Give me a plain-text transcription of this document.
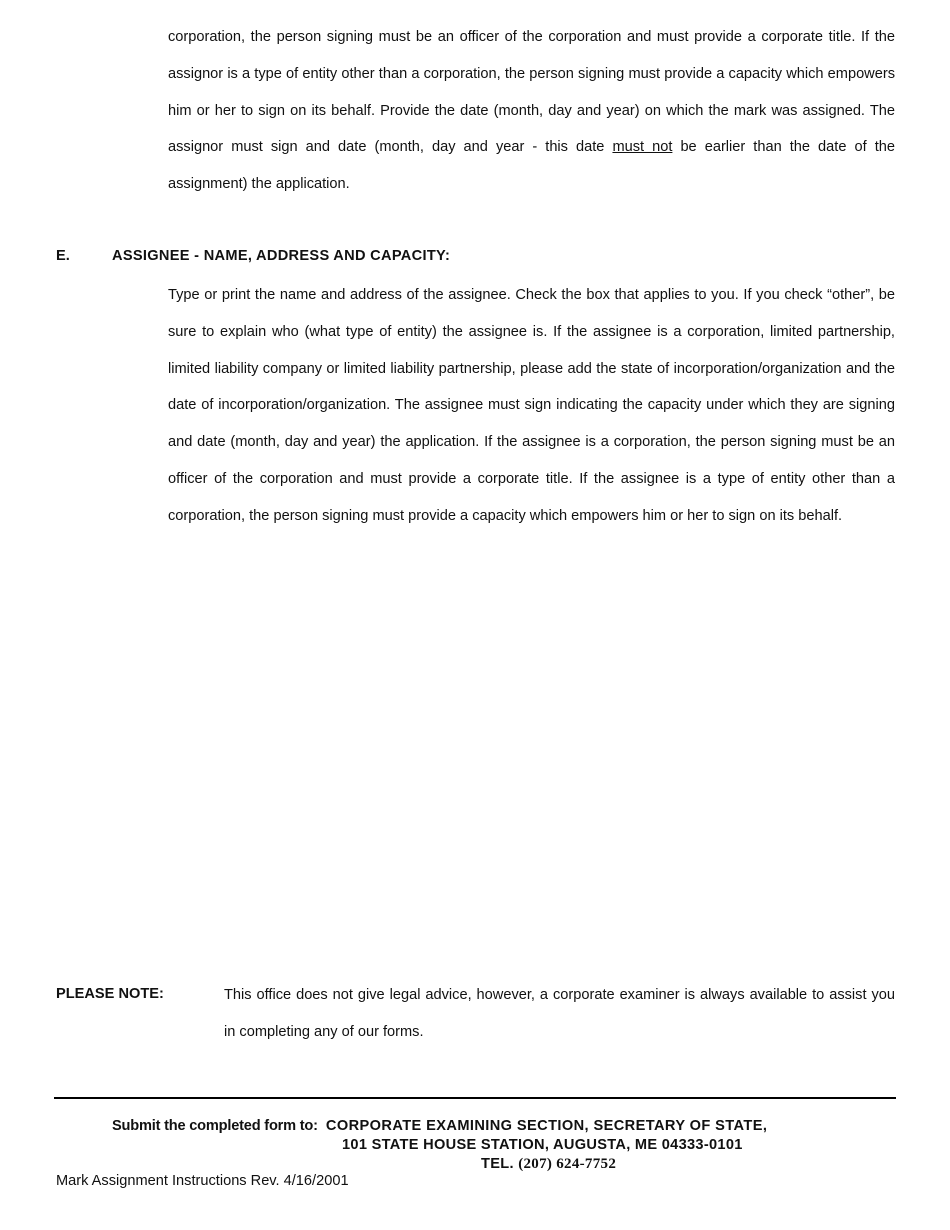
corporation, the person signing must be an officer of the corporation and must provide a corporate title. If the assignor is a type of entity other than a corporation, the person signing must provide a capacity which empowers him or her to sign on its behalf. Provide the date (month, day and year) on which the mark was assigned. The assignor must sign and date (month, day and year - this date must not be earlier than the date of the assignment) the application.

E.	ASSIGNEE - NAME, ADDRESS AND CAPACITY:

Type or print the name and address of the assignee. Check the box that applies to you. If you check “other”, be sure to explain who (what type of entity) the assignee is. If the assignee is a corporation, limited partnership, limited liability company or limited liability partnership, please add the state of incorporation/organization and the date of incorporation/organization. The assignee must sign indicating the capacity under which they are signing and date (month, day and year) the application. If the assignee is a corporation, the person signing must be an officer of the corporation and must provide a corporate title. If the assignee is a type of entity other than a corporation, the person signing must provide a capacity which empowers him or her to sign on its behalf.

PLEASE NOTE:	This office does not give legal advice, however, a corporate examiner is always available to assist you in completing any of our forms.

Submit the completed form to: CORPORATE EXAMINING SECTION, SECRETARY OF STATE,
101 STATE HOUSE STATION, AUGUSTA, ME 04333-0101
TEL. (207) 624-7752
Mark Assignment Instructions Rev. 4/16/2001
